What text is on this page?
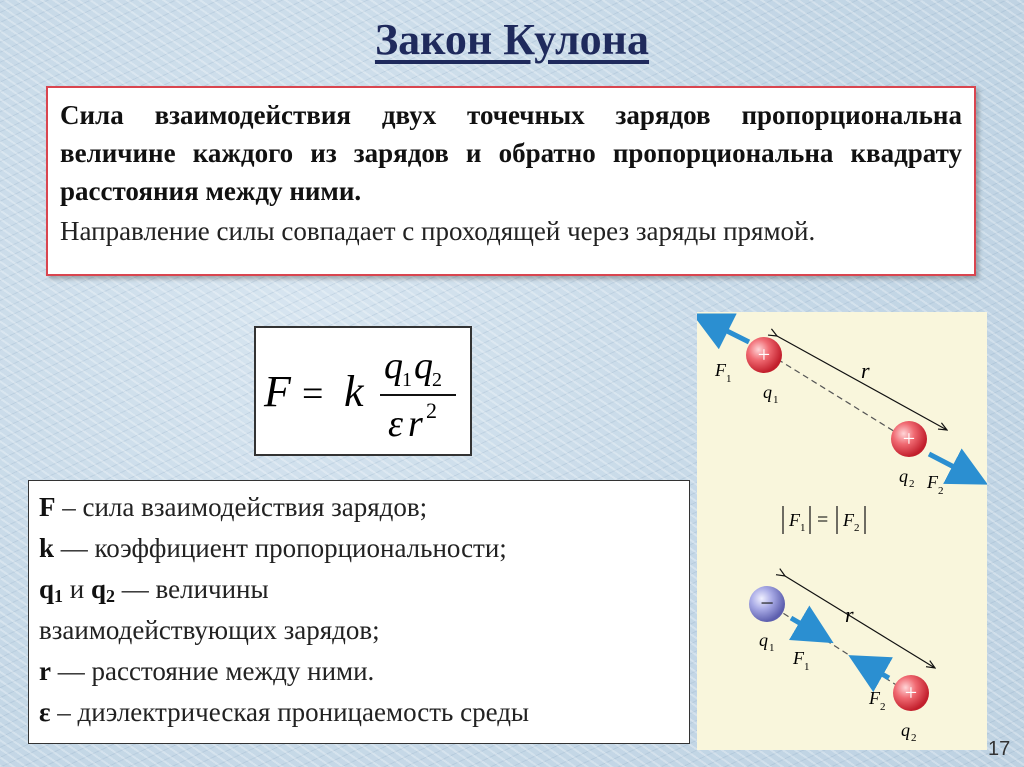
Закон Кулона
Сила взаимодействия двух точечных зарядов пропорциональна величине каждого из зарядов и обратно пропорциональна квадрату расстояния между ними.
Направление силы совпадает с проходящей через заряды прямой.
F = k
q 1 q 2
ε r 2
F – сила взаимодействия зарядов;
k — коэффициент пропорциональности;
$q_1$ и $q_2$ — величины
взаимодействующих зарядов;
r — расстояние между ними.
ε – диэлектрическая проницаемость среды
+
+
F 1
q 1
r
q 2 F 2
F 1 = F 2
−
+
q 1 F 1
r
F 2
q 2	17
